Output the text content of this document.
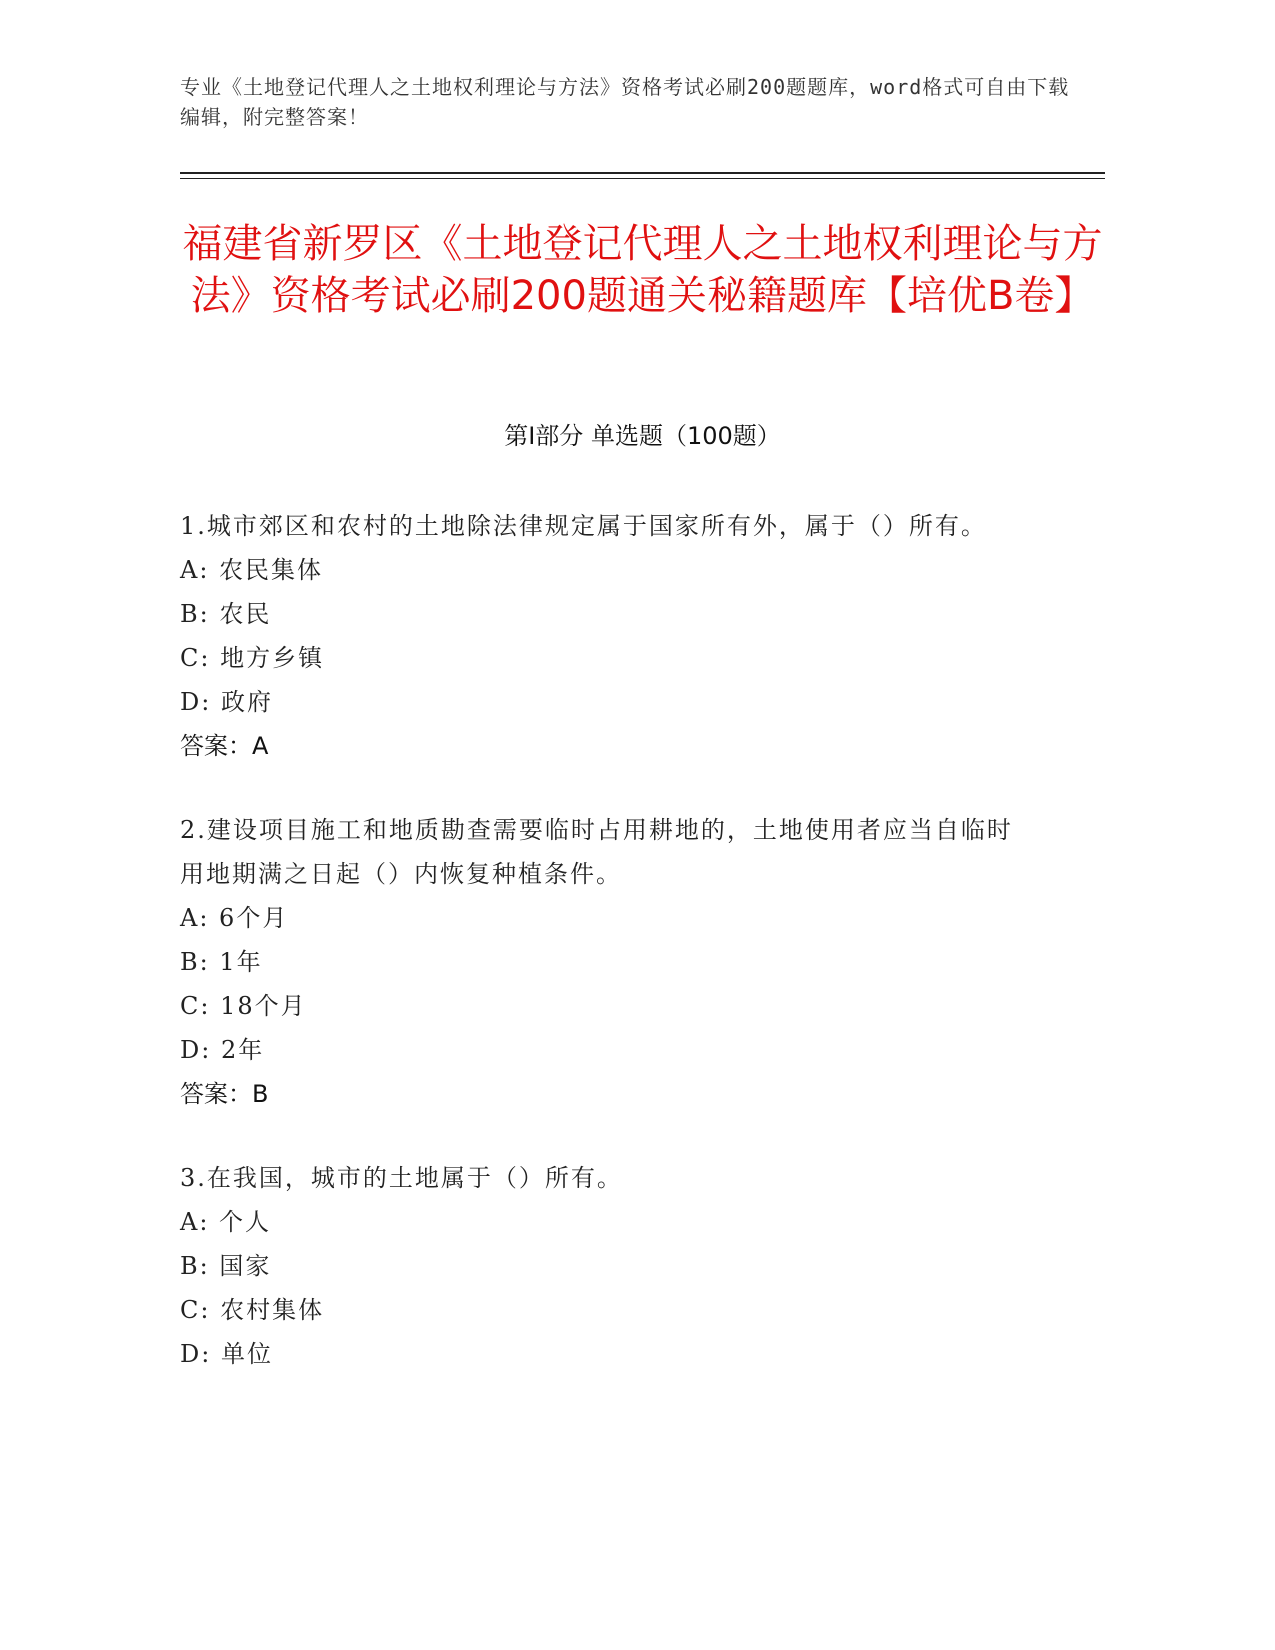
专业《土地登记代理人之土地权利理论与方法》资格考试必刷200题题库，word格式可自由下载编辑，附完整答案！
福建省新罗区《土地登记代理人之土地权利理论与方法》资格考试必刷200题通关秘籍题库【培优B卷】
第Ⅰ部分 单选题（100题）
1.城市郊区和农村的土地除法律规定属于国家所有外，属于（）所有。
A: 农民集体
B: 农民
C: 地方乡镇
D: 政府
答案：A
2.建设项目施工和地质勘查需要临时占用耕地的，土地使用者应当自临时用地期满之日起（）内恢复种植条件。
A: 6个月
B: 1年
C: 18个月
D: 2年
答案：B
3.在我国，城市的土地属于（）所有。
A: 个人
B: 国家
C: 农村集体
D: 单位
